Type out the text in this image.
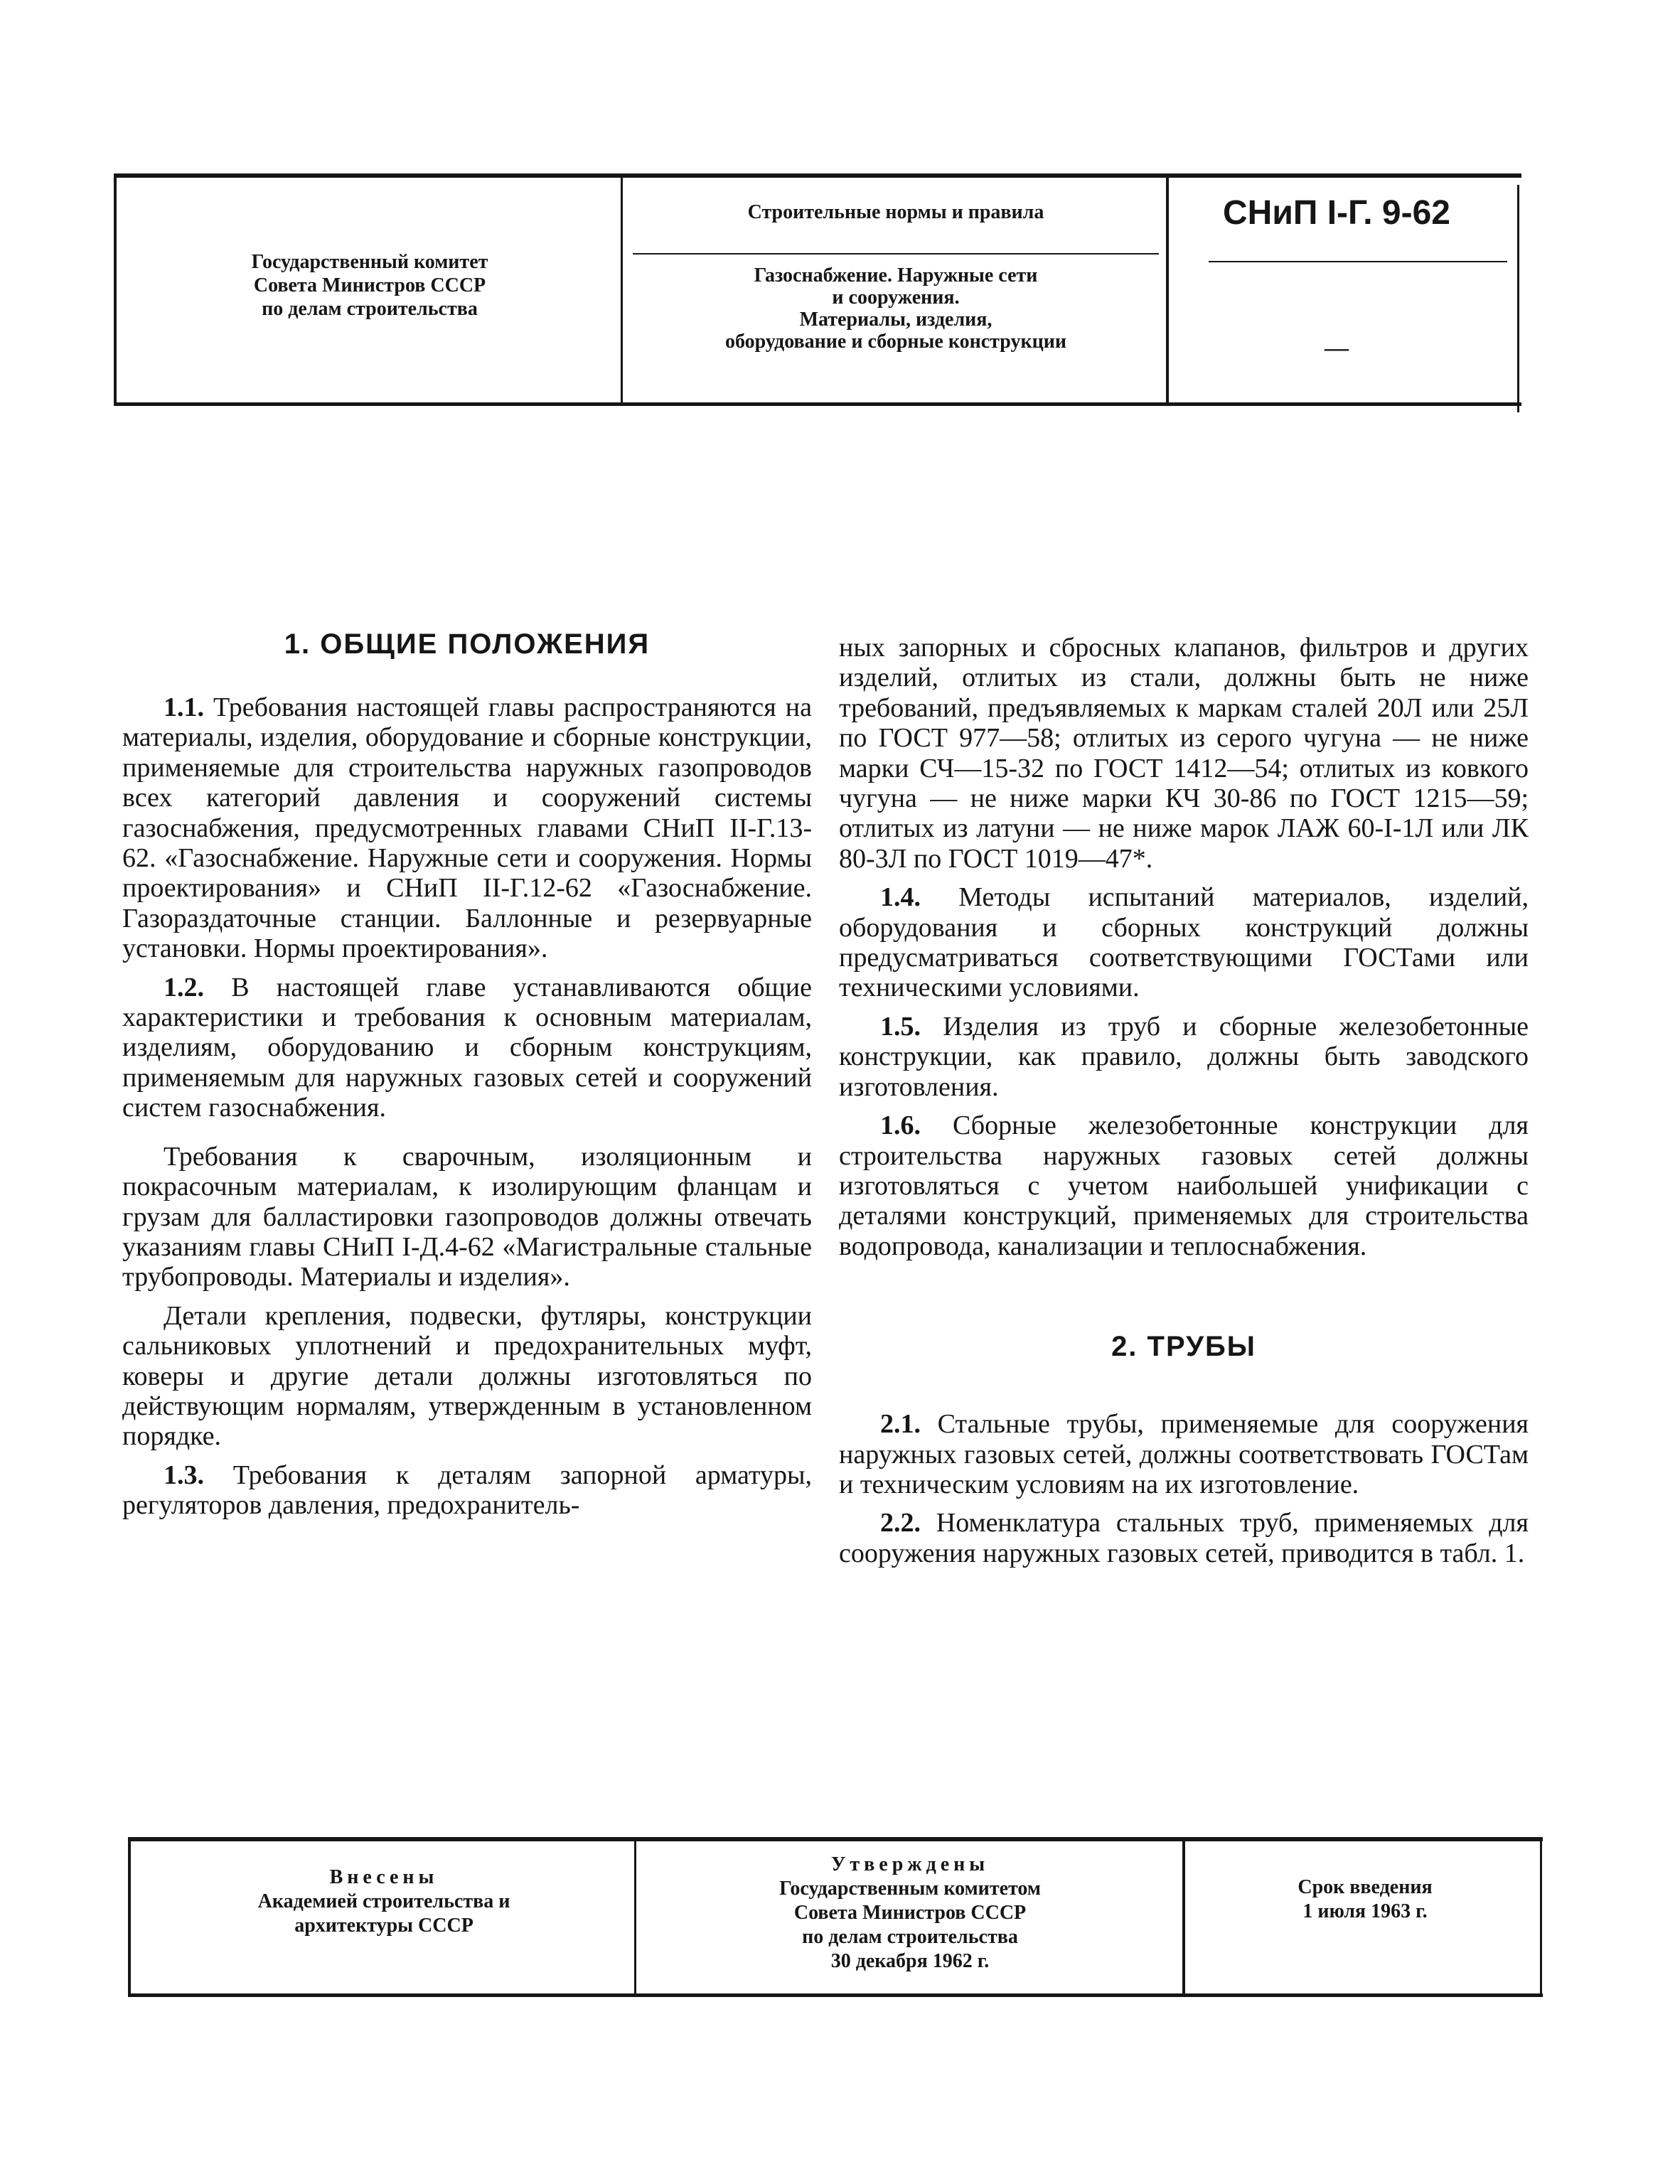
Государственный комитет
Совета Министров СССР
по делам строительства
Строительные нормы и правила
Газоснабжение. Наружные сети
и сооружения.
Материалы, изделия,
оборудование и сборные конструкции
СНиП I-Г. 9-62
—
1. ОБЩИЕ ПОЛОЖЕНИЯ

1.1. Требования настоящей главы распространяются на материалы, изделия, оборудование и сборные конструкции, применяемые для строительства наружных газопроводов всех категорий давления и сооружений системы газоснабжения, предусмотренных главами СНиП II-Г.13-62. «Газоснабжение. Наружные сети и сооружения. Нормы проектирования» и СНиП II-Г.12-62 «Газоснабжение. Газораздаточные станции. Баллонные и резервуарные установки. Нормы проектирования».

1.2. В настоящей главе устанавливаются общие характеристики и требования к основным материалам, изделиям, оборудованию и сборным конструкциям, применяемым для наружных газовых сетей и сооружений систем газоснабжения.

Требования к сварочным, изоляционным и покрасочным материалам, к изолирующим фланцам и грузам для балластировки газопроводов должны отвечать указаниям главы СНиП I-Д.4-62 «Магистральные стальные трубопроводы. Материалы и изделия».

Детали крепления, подвески, футляры, конструкции сальниковых уплотнений и предохранительных муфт, коверы и другие детали должны изготовляться по действующим нормалям, утвержденным в установленном порядке.

1.3. Требования к деталям запорной арматуры, регуляторов давления, предохранитель-

ных запорных и сбросных клапанов, фильтров и других изделий, отлитых из стали, должны быть не ниже требований, предъявляемых к маркам сталей 20Л или 25Л по ГОСТ 977—58; отлитых из серого чугуна — не ниже марки СЧ—15-32 по ГОСТ 1412—54; отлитых из ковкого чугуна — не ниже марки КЧ 30-86 по ГОСТ 1215—59; отлитых из латуни — не ниже марок ЛАЖ 60-I-1Л или ЛК 80-3Л по ГОСТ 1019—47*.

1.4. Методы испытаний материалов, изделий, оборудования и сборных конструкций должны предусматриваться соответствующими ГОСТами или техническими условиями.

1.5. Изделия из труб и сборные железобетонные конструкции, как правило, должны быть заводского изготовления.

1.6. Сборные железобетонные конструкции для строительства наружных газовых сетей должны изготовляться с учетом наибольшей унификации с деталями конструкций, применяемых для строительства водопровода, канализации и теплоснабжения.

2. ТРУБЫ

2.1. Стальные трубы, применяемые для сооружения наружных газовых сетей, должны соответствовать ГОСТам и техническим условиям на их изготовление.

2.2. Номенклатура стальных труб, применяемых для сооружения наружных газовых сетей, приводится в табл. 1.

Внесены
Академией строительства и
архитектуры СССР
Утверждены
Государственным комитетом
Совета Министров СССР
по делам строительства
30 декабря 1962 г.
Срок введения
1 июля 1963 г.
